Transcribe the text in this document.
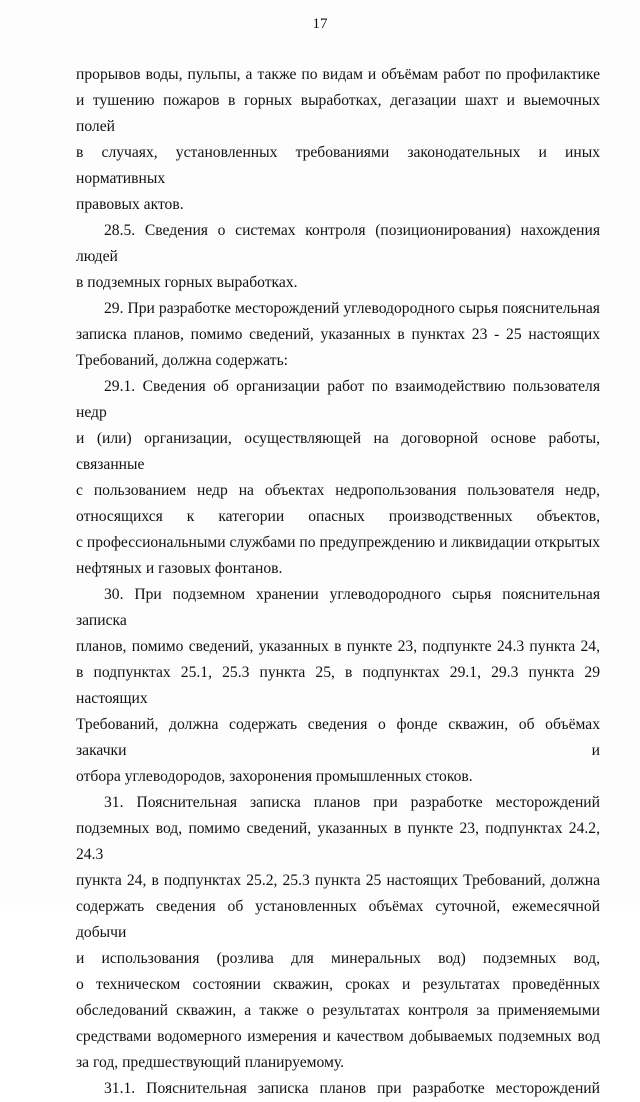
17
прорывов воды, пульпы, а также по видам и объёмам работ по профилактике
и тушению пожаров в горных выработках, дегазации шахт и выемочных полей
в случаях, установленных требованиями законодательных и иных нормативных
правовых актов.
28.5. Сведения о системах контроля (позиционирования) нахождения людей
в подземных горных выработках.
29. При разработке месторождений углеводородного сырья пояснительная
записка планов, помимо сведений, указанных в пунктах 23 - 25 настоящих
Требований, должна содержать:
29.1. Сведения об организации работ по взаимодействию пользователя недр
и (или) организации, осуществляющей на договорной основе работы, связанные
с пользованием недр на объектах недропользования пользователя недр,
относящихся к категории опасных производственных объектов,
с профессиональными службами по предупреждению и ликвидации открытых
нефтяных и газовых фонтанов.
30. При подземном хранении углеводородного сырья пояснительная записка
планов, помимо сведений, указанных в пункте 23, подпункте 24.3 пункта 24,
в подпунктах 25.1, 25.3 пункта 25, в подпунктах 29.1, 29.3 пункта 29 настоящих
Требований, должна содержать сведения о фонде скважин, об объёмах закачки и
отбора углеводородов, захоронения промышленных стоков.
31. Пояснительная записка планов при разработке месторождений
подземных вод, помимо сведений, указанных в пункте 23, подпунктах 24.2, 24.3
пункта 24, в подпунктах 25.2, 25.3 пункта 25 настоящих Требований, должна
содержать сведения об установленных объёмах суточной, ежемесячной добычи
и использования (розлива для минеральных вод) подземных вод,
о техническом состоянии скважин, сроках и результатах проведённых
обследований скважин, а также о результатах контроля за применяемыми
средствами водомерного измерения и качеством добываемых подземных вод
за год, предшествующий планируемому.
31.1. Пояснительная записка планов при разработке месторождений
